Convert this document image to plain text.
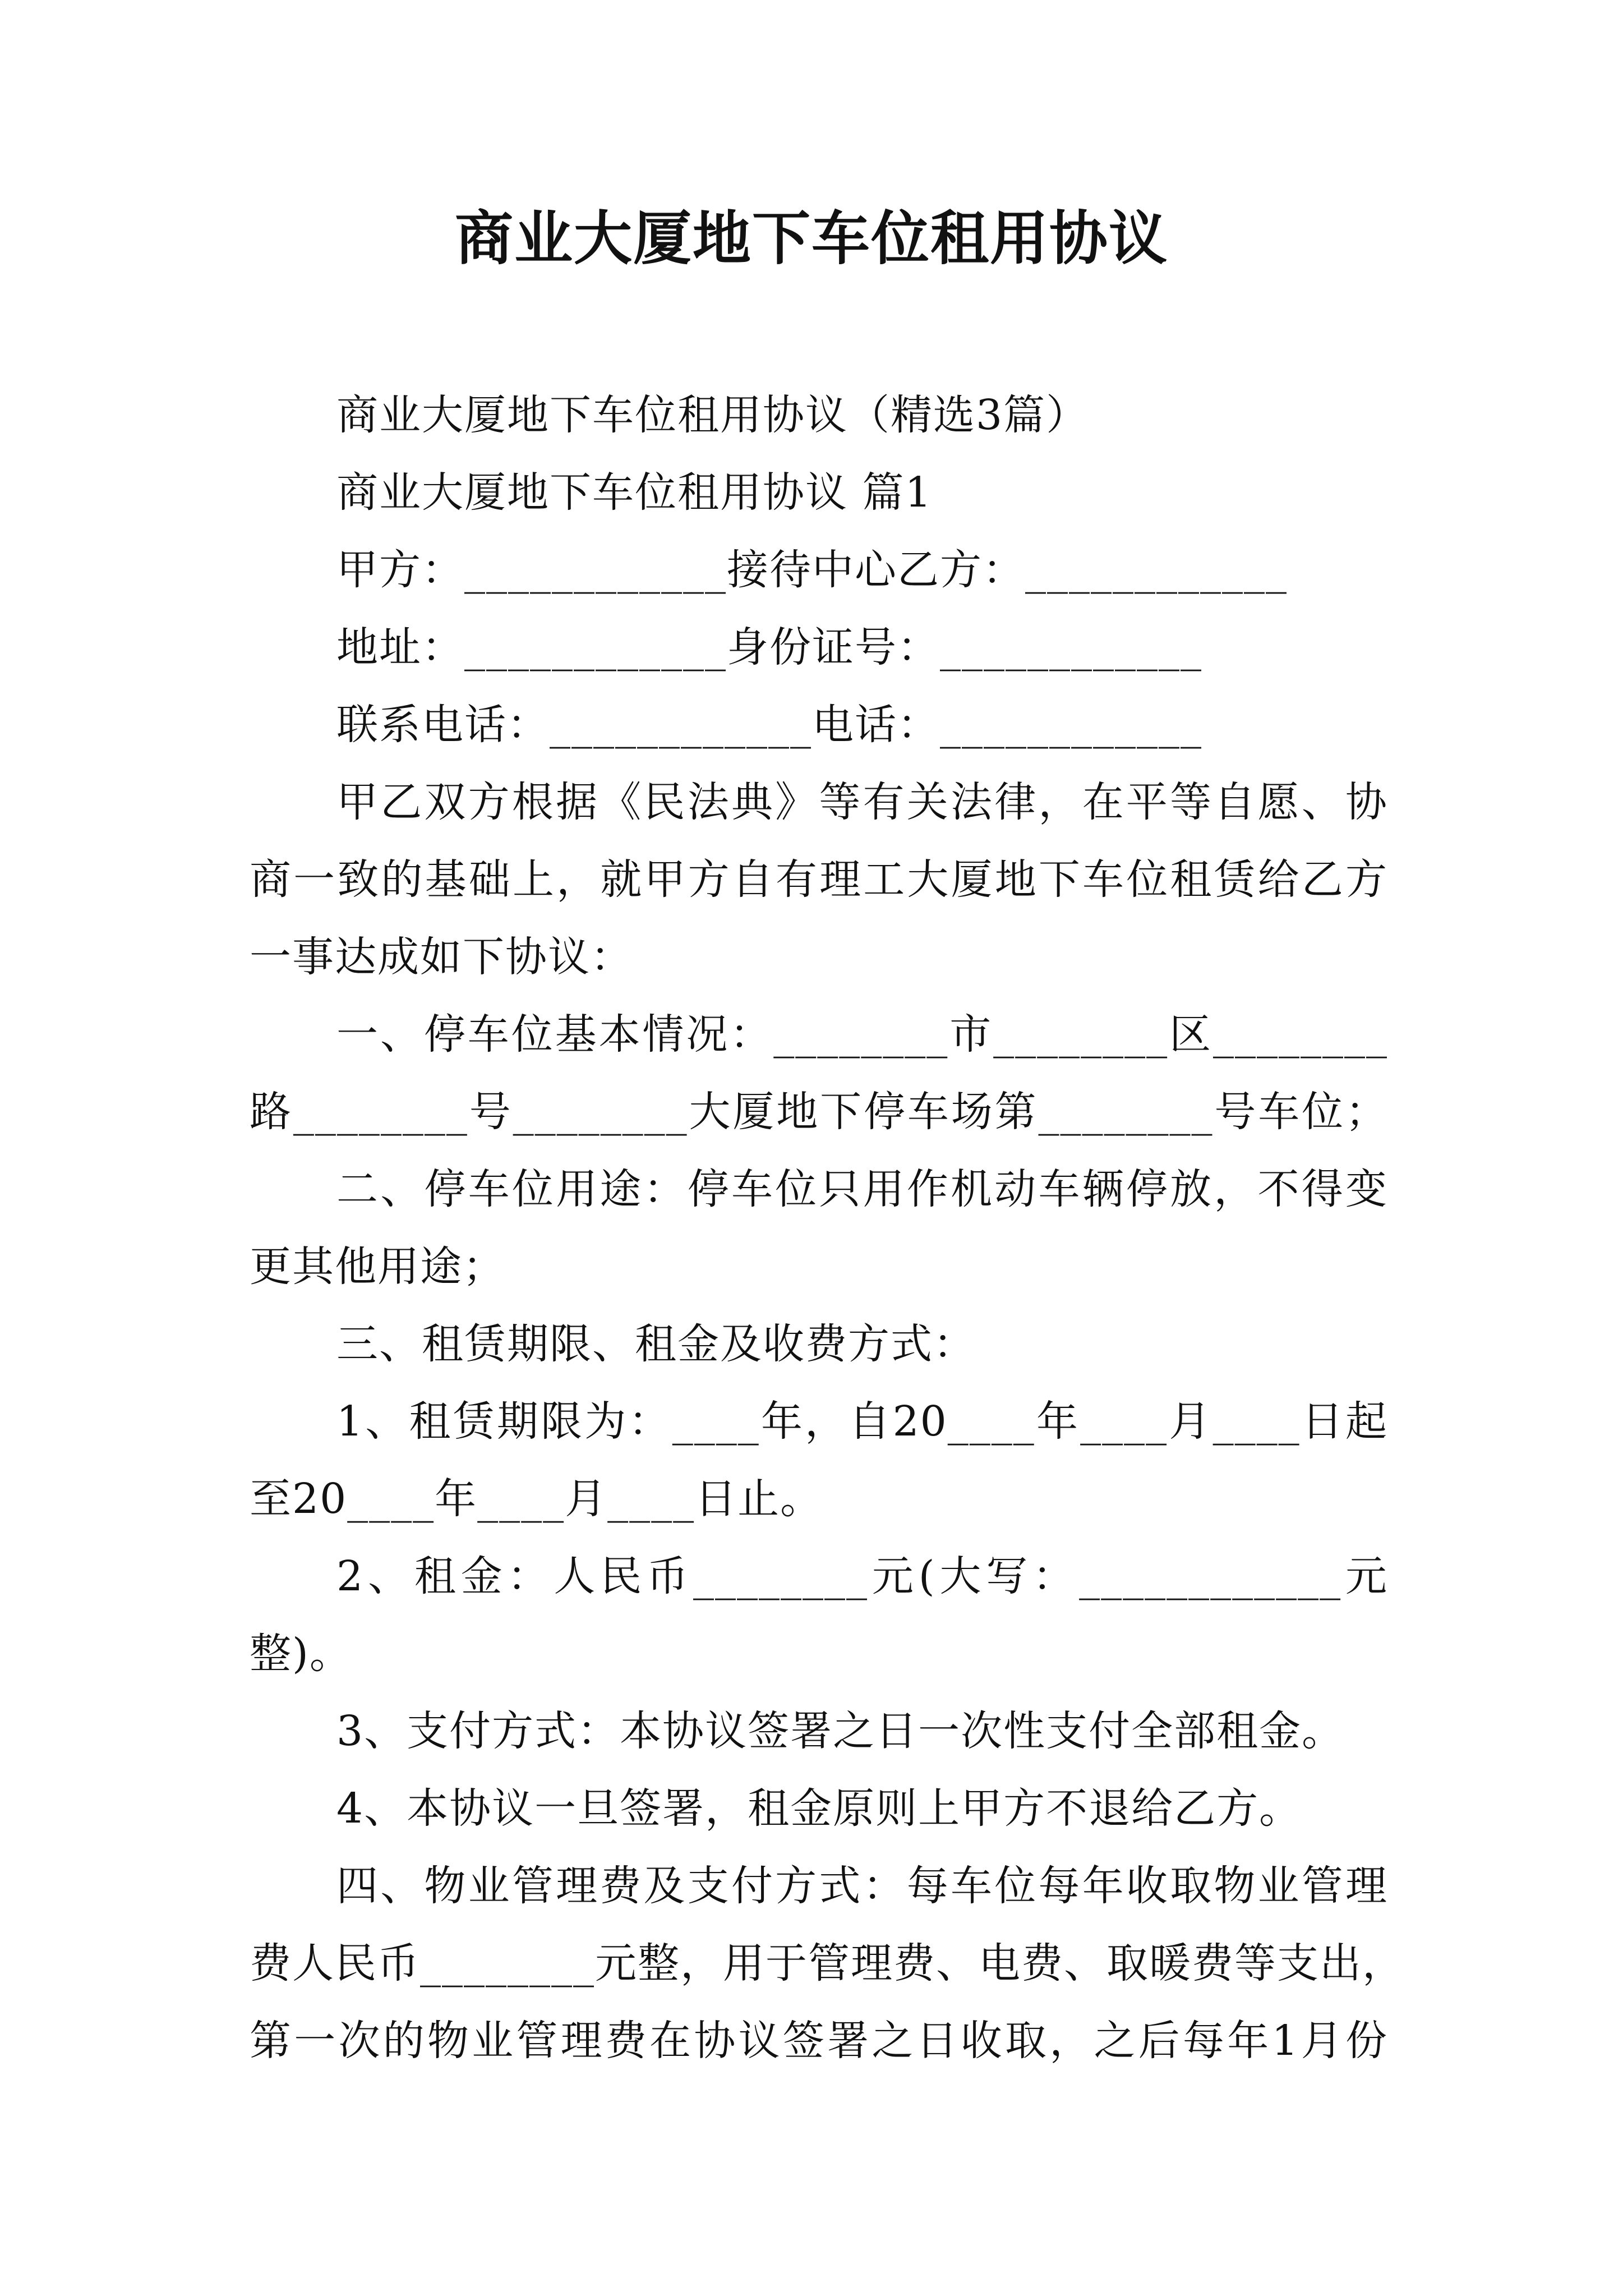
商业大厦地下车位租用协议
商业大厦地下车位租用协议（精选3篇）
商业大厦地下车位租用协议 篇1
甲方：____________接待中心乙方：____________
地址：____________身份证号：____________
联系电话：____________电话：____________
甲乙双方根据《民法典》等有关法律，在平等自愿、协
商一致的基础上，就甲方自有理工大厦地下车位租赁给乙方
一事达成如下协议：
一、停车位基本情况：________市________区________
路________号________大厦地下停车场第________号车位；
二、停车位用途：停车位只用作机动车辆停放，不得变
更其他用途；
三、租赁期限、租金及收费方式：
1、租赁期限为：____年，自20____年____月____日起
至20____年____月____日止。
2、租金：人民币________元(大写：____________元
整)。
3、支付方式：本协议签署之日一次性支付全部租金。
4、本协议一旦签署，租金原则上甲方不退给乙方。
四、物业管理费及支付方式：每车位每年收取物业管理
费人民币________元整，用于管理费、电费、取暖费等支出，
第一次的物业管理费在协议签署之日收取，之后每年1月份
